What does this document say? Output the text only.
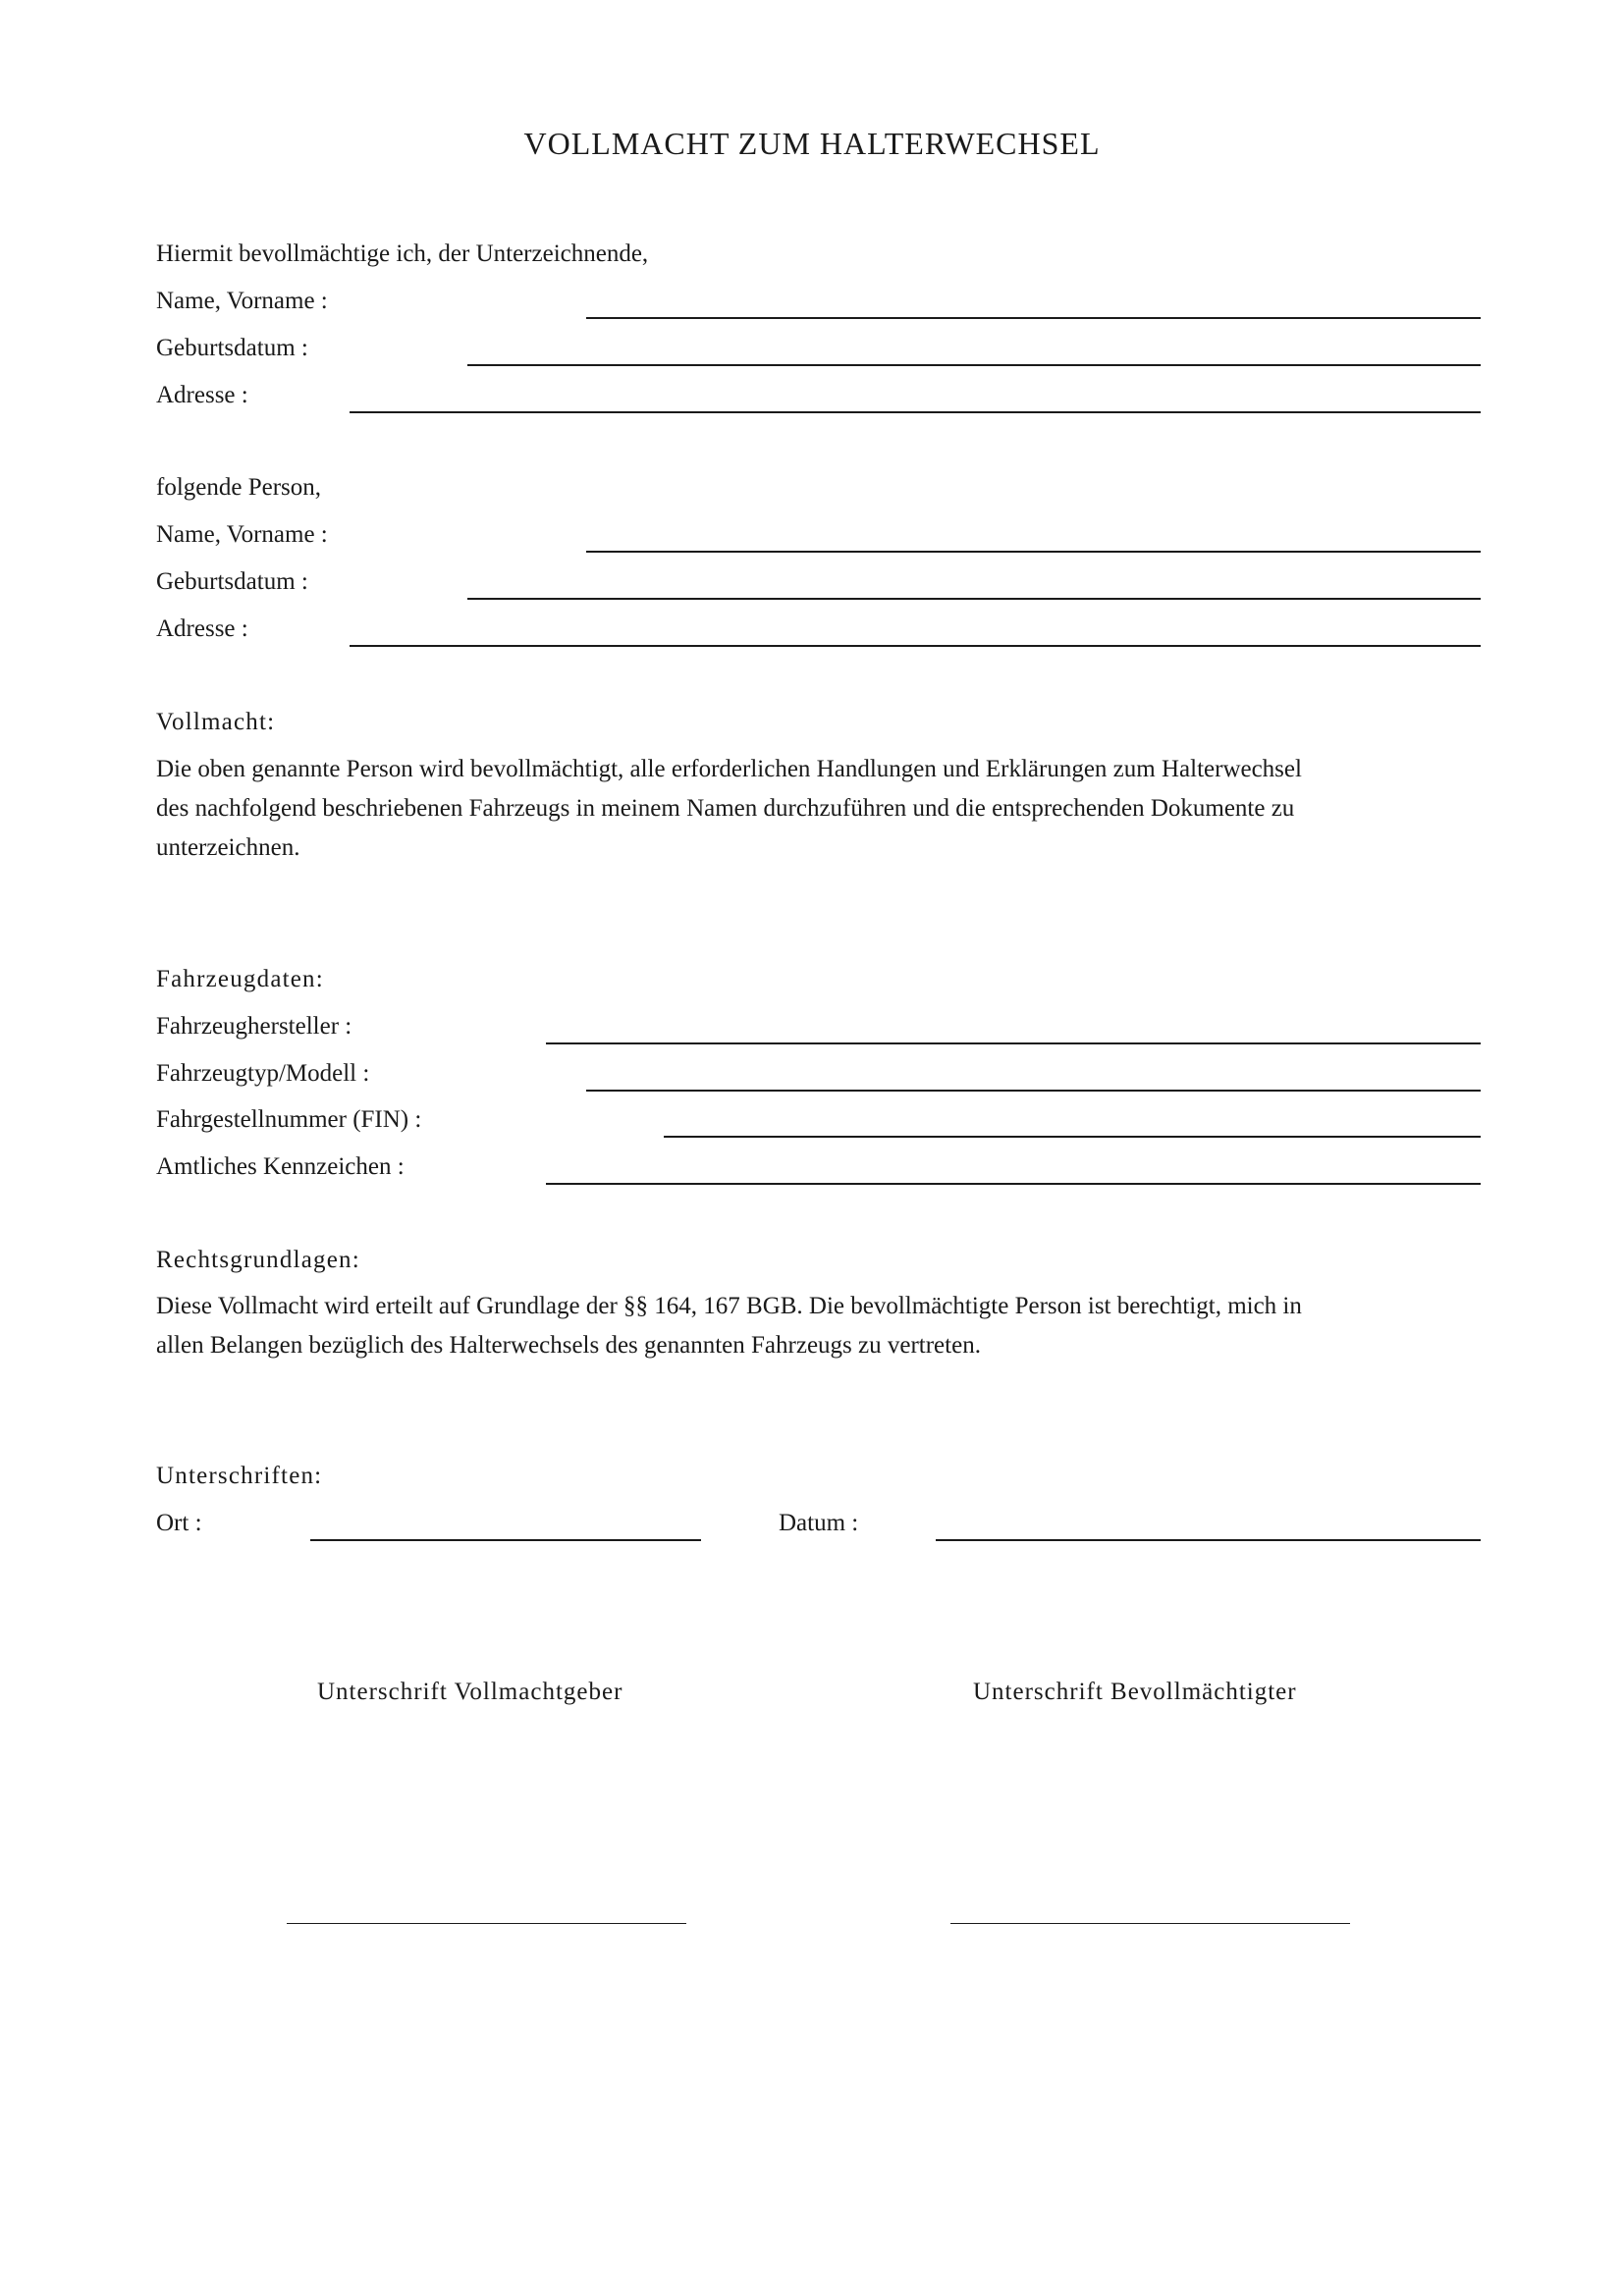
VOLLMACHT ZUM HALTERWECHSEL
Hiermit bevollmächtige ich, der Unterzeichnende,
Name, Vorname :
Geburtsdatum :
Adresse :
folgende Person,
Name, Vorname :
Geburtsdatum :
Adresse :
Vollmacht:
Die oben genannte Person wird bevollmächtigt, alle erforderlichen Handlungen und Erklärungen zum Halterwechsel
des nachfolgend beschriebenen Fahrzeugs in meinem Namen durchzuführen und die entsprechenden Dokumente zu
unterzeichnen.
Fahrzeugdaten:
Fahrzeughersteller :
Fahrzeugtyp/Modell :
Fahrgestellnummer (FIN) :
Amtliches Kennzeichen :
Rechtsgrundlagen:
Diese Vollmacht wird erteilt auf Grundlage der §§ 164, 167 BGB. Die bevollmächtigte Person ist berechtigt, mich in
allen Belangen bezüglich des Halterwechsels des genannten Fahrzeugs zu vertreten.
Unterschriften:
Ort :	Datum :
Unterschrift Vollmachtgeber	Unterschrift Bevollmächtigter
